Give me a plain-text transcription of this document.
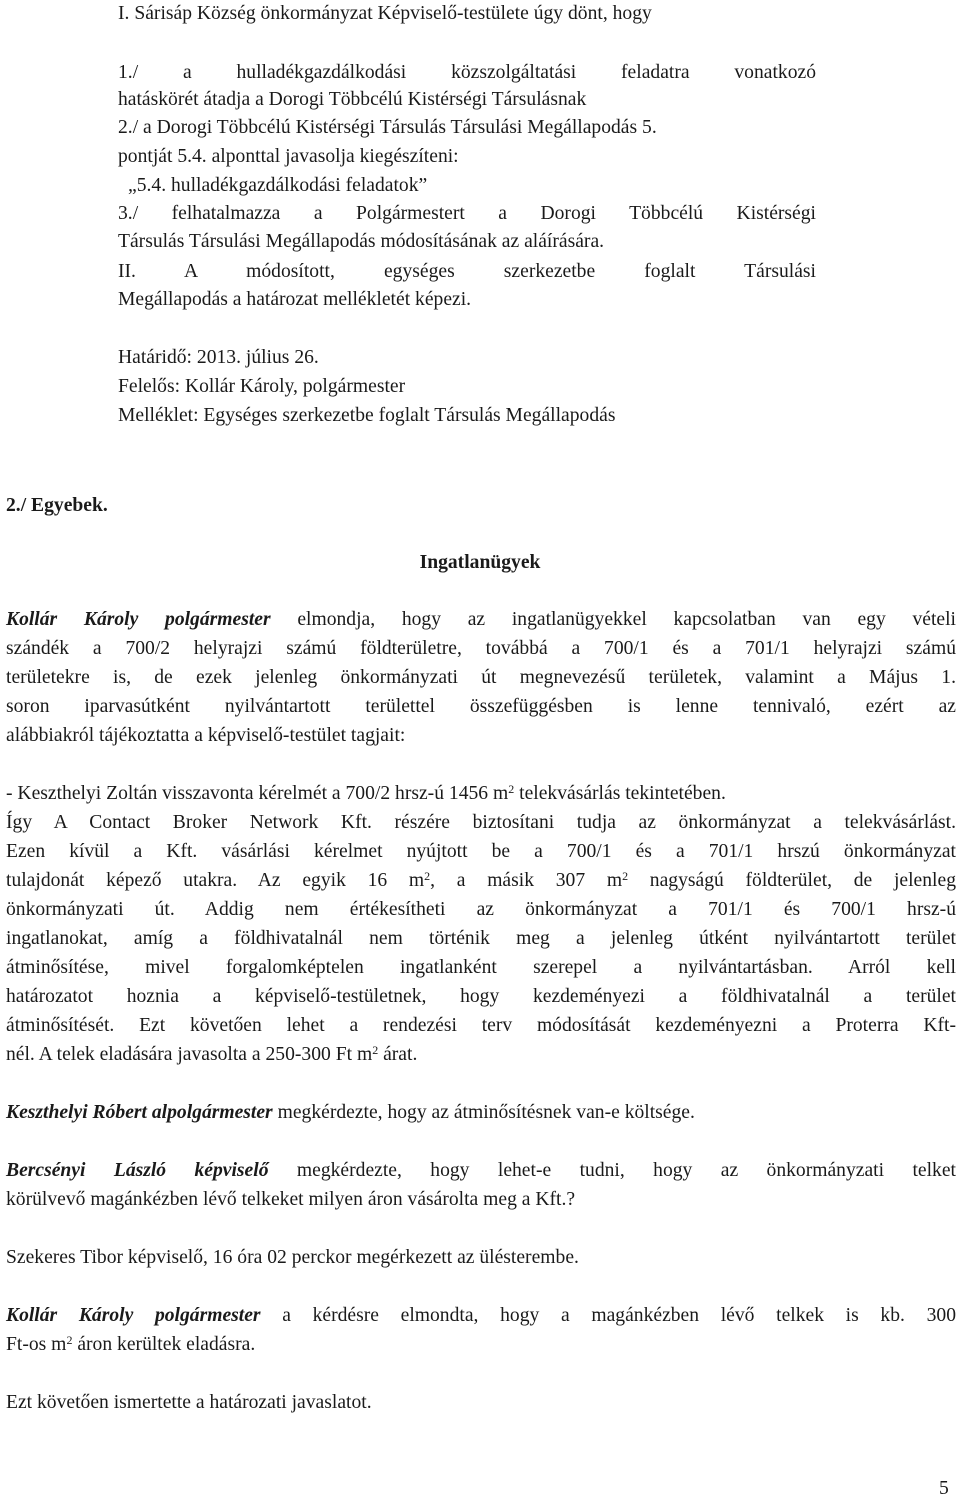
I. Sárisáp Község önkormányzat Képviselő-testülete úgy dönt, hogy
1./ a hulladékgazdálkodási közszolgáltatási feladatra vonatkozó
hatáskörét átadja a Dorogi Többcélú Kistérségi Társulásnak
2./ a Dorogi Többcélú Kistérségi Társulás Társulási Megállapodás 5.
pontját 5.4. alponttal javasolja kiegészíteni:
„5.4. hulladékgazdálkodási feladatok”
3./ felhatalmazza a Polgármestert a Dorogi Többcélú Kistérségi
Társulás Társulási Megállapodás módosításának az aláírására.
II. A módosított, egységes szerkezetbe foglalt Társulási
Megállapodás a határozat mellékletét képezi.
Határidő: 2013. július 26.
Felelős: Kollár Károly, polgármester
Melléklet: Egységes szerkezetbe foglalt Társulás Megállapodás
2./ Egyebek.
Ingatlanügyek
Kollár Károly polgármester elmondja, hogy az ingatlanügyekkel kapcsolatban van egy vételi
szándék a 700/2 helyrajzi számú földterületre, továbbá a 700/1 és a 701/1 helyrajzi számú
területekre is, de ezek jelenleg önkormányzati út megnevezésű területek, valamint a Május 1.
soron iparvasútként nyilvántartott területtel összefüggésben is lenne tennivaló, ezért az
alábbiakról tájékoztatta a képviselő-testület tagjait:
- Keszthelyi Zoltán visszavonta kérelmét a 700/2 hrsz-ú 1456 $m^2$ telekvásárlás tekintetében.
Így A Contact Broker Network Kft. részére biztosítani tudja az önkormányzat a telekvásárlást.
Ezen kívül a Kft. vásárlási kérelmet nyújtott be a 700/1 és a 701/1 hrszú önkormányzat
tulajdonát képező utakra. Az egyik 16 $m^2$, a másik 307 $m^2$ nagyságú földterület, de jelenleg
önkormányzati út. Addig nem értékesítheti az önkormányzat a 701/1 és 700/1 hrsz-ú
ingatlanokat, amíg a földhivatalnál nem történik meg a jelenleg útként nyilvántartott terület
átminősítése, mivel forgalomképtelen ingatlanként szerepel a nyilvántartásban. Arról kell
határozatot hoznia a képviselő-testületnek, hogy kezdeményezi a földhivatalnál a terület
átminősítését. Ezt követően lehet a rendezési terv módosítását kezdeményezni a Proterra Kft-
nél. A telek eladására javasolta a 250-300 Ft $m^2$ árat.
Keszthelyi Róbert alpolgármester megkérdezte, hogy az átminősítésnek van-e költsége.
Bercsényi László képviselő megkérdezte, hogy lehet-e tudni, hogy az önkormányzati telket
körülvevő magánkézben lévő telkeket milyen áron vásárolta meg a Kft.?
Szekeres Tibor képviselő, 16 óra 02 perckor megérkezett az ülésterembe.
Kollár Károly polgármester a kérdésre elmondta, hogy a magánkézben lévő telkek is kb. 300
Ft-os $m^2$ áron kerültek eladásra.
Ezt követően ismertette a határozati javaslatot.
5
